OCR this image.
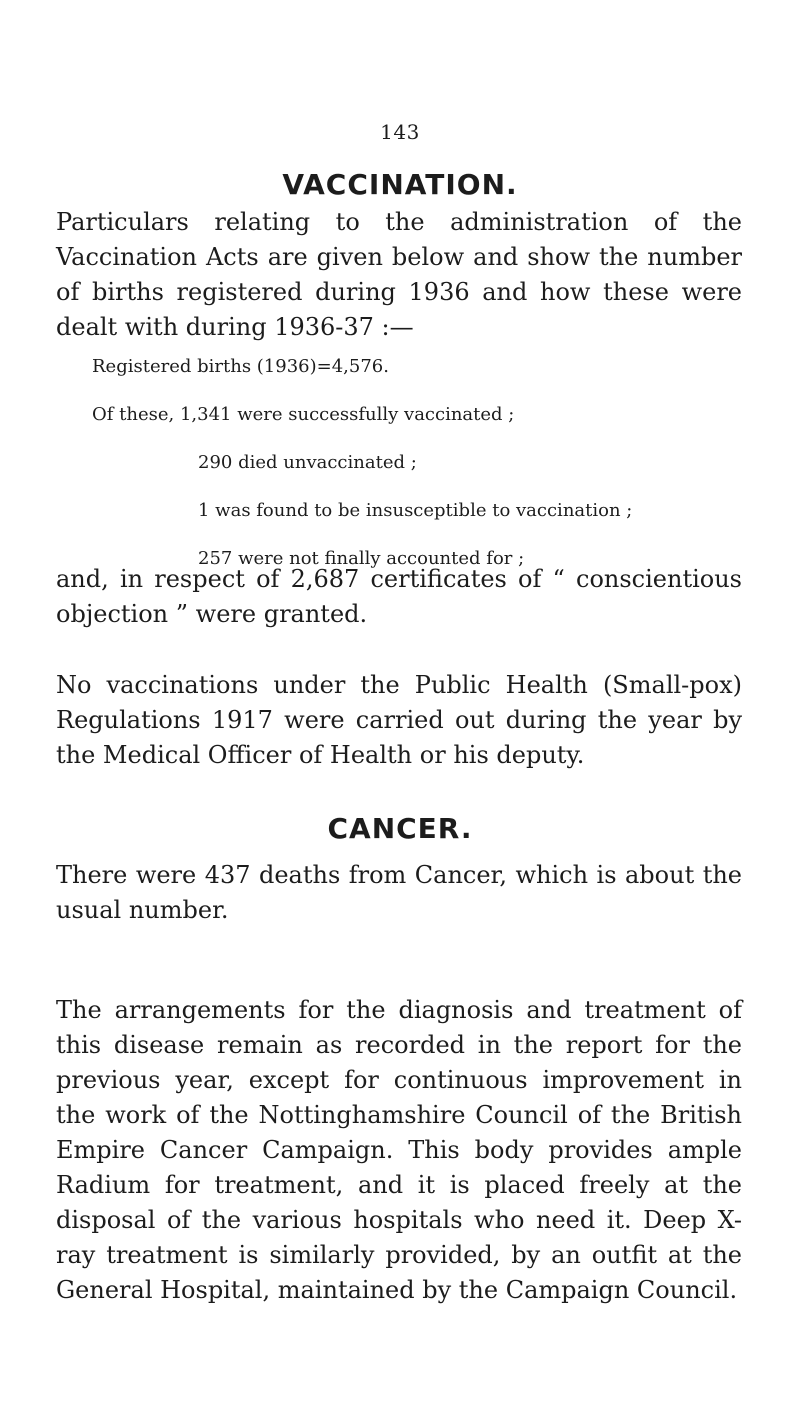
143
VACCINATION.

Particulars relating to the administration of the Vaccination Acts are given below and show the number of births registered during 1936 and how these were dealt with during 1936-37 :—

Registered births (1936)=4,576.
Of these, 1,341 were successfully vaccinated ;
290 died unvaccinated ;
1 was found to be insusceptible to vaccination ;
257 were not finally accounted for ;

and, in respect of 2,687 certificates of “ conscientious objection ” were granted.

No vaccinations under the Public Health (Small-pox) Regulations 1917 were carried out during the year by the Medical Officer of Health or his deputy.

CANCER.

There were 437 deaths from Cancer, which is about the usual number.

The arrangements for the diagnosis and treatment of this disease remain as recorded in the report for the previous year, except for continuous improvement in the work of the Nottinghamshire Council of the British Empire Cancer Campaign. This body provides ample Radium for treatment, and it is placed freely at the disposal of the various hospitals who need it. Deep X-ray treatment is similarly provided, by an outfit at the General Hospital, maintained by the Campaign Council.
